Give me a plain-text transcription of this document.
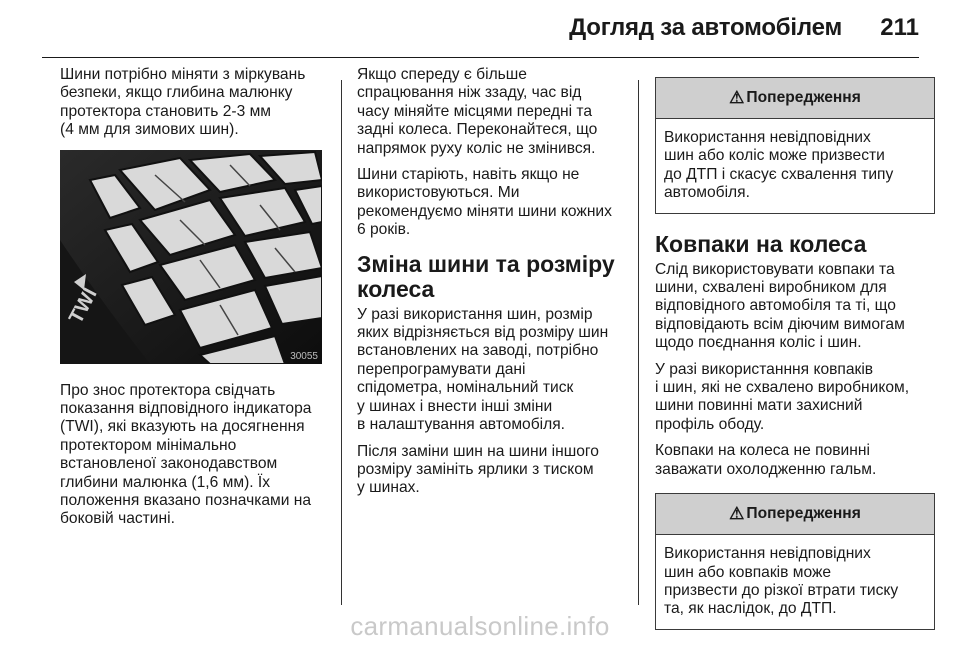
Догляд за автомобілем 211

Шини потрібно міняти з міркувань
безпеки, якщо глибина малюнку
протектора становить 2-3 мм
(4 мм для зимових шин).

TWI
30055

Про знос протектора свідчать
показання відповідного індикатора
(TWI), які вказують на досягнення
протектором мінімально
встановленої законодавством
глибини малюнка (1,6 мм). Їх
положення вказано позначками на
боковій частині.

Якщо спереду є більше
спрацювання ніж ззаду, час від
часу міняйте місцями передні та
задні колеса. Переконайтеся, що
напрямок руху коліс не змінився.

Шини старіють, навіть якщо не
використовуються. Ми
рекомендуємо міняти шини кожних
6 років.

Зміна шини та розміру
колеса

У разі використання шин, розмір
яких відрізняється від розміру шин
встановлених на заводі, потрібно
перепрограмувати дані
спідометра, номінальний тиск
у шинах і внести інші зміни
в налаштування автомобіля.

Після заміни шин на шини іншого
розміру замініть ярлики з тиском
у шинах.

⚠ Попередження
Використання невідповідних
шин або коліс може призвести
до ДТП і скасує схвалення типу
автомобіля.
Ковпаки на колеса

Слід використовувати ковпаки та
шини, схвалені виробником для
відповідного автомобіля та ті, що
відповідають всім діючим вимогам
щодо поєднання коліс і шин.

У разі використанння ковпаків
і шин, які не схвалено виробником,
шини повинні мати захисний
профіль ободу.

Ковпаки на колеса не повинні
заважати охолодженню гальм.

⚠ Попередження
Використання невідповідних
шин або ковпаків може
призвести до різкої втрати тиску
та, як наслідок, до ДТП.
carmanualsonline.info
